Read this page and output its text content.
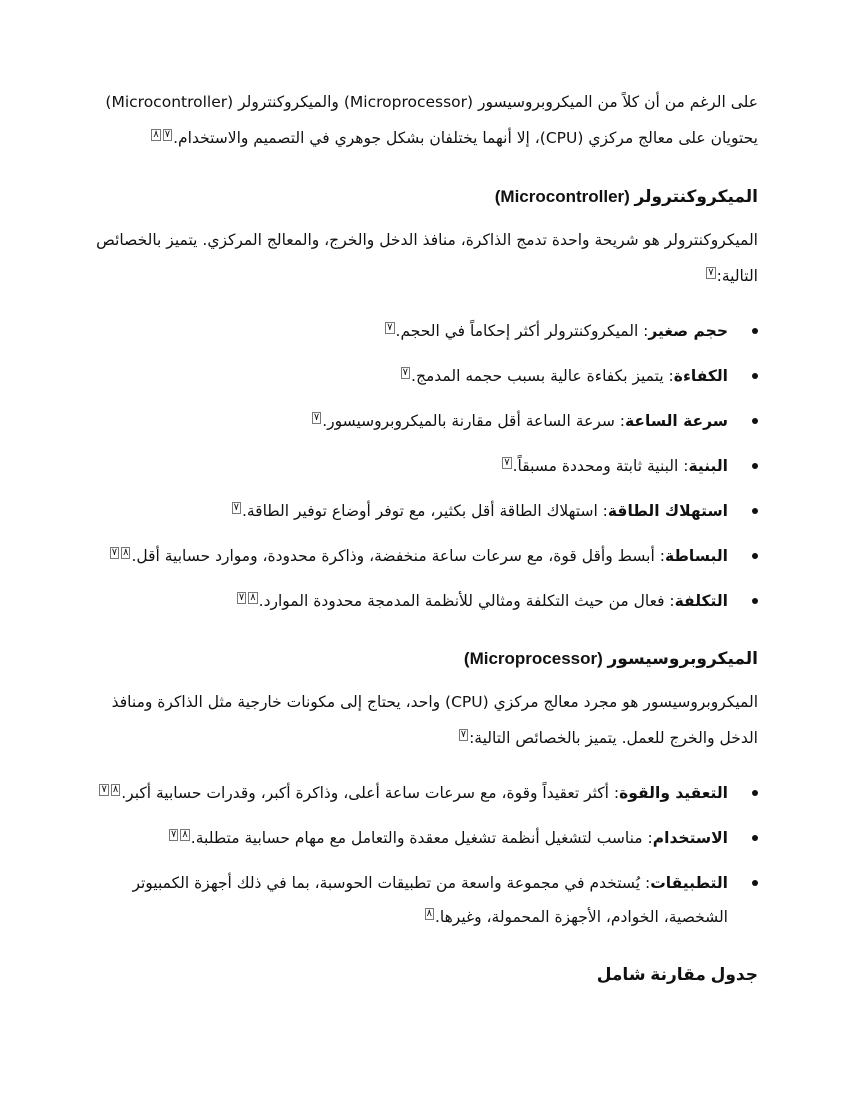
على الرغم من أن كلاً من الميكروبروسيسور (Microprocessor) والميكروكنترولر (Microcontroller) يحتويان على معالج مركزي (CPU)، إلا أنهما يختلفان بشكل جوهري في التصميم والاستخدام.$^{٧٨}$

الميكروكنترولر (Microcontroller)

الميكروكنترولر هو شريحة واحدة تدمج الذاكرة، منافذ الدخل والخرج، والمعالج المركزي. يتميز بالخصائص التالية:$^٧$

حجم صغير: الميكروكنترولر أكثر إحكاماً في الحجم.$^٧$
الكفاءة: يتميز بكفاءة عالية بسبب حجمه المدمج.$^٧$
سرعة الساعة: سرعة الساعة أقل مقارنة بالميكروبروسيسور.$^٧$
البنية: البنية ثابتة ومحددة مسبقاً.$^٧$
استهلاك الطاقة: استهلاك الطاقة أقل بكثير، مع توفر أوضاع توفير الطاقة.$^٧$
البساطة: أبسط وأقل قوة، مع سرعات ساعة منخفضة، وذاكرة محدودة، وموارد حسابية أقل.$^{٨٧}$
التكلفة: فعال من حيث التكلفة ومثالي للأنظمة المدمجة محدودة الموارد.$^{٨٧}$
الميكروبروسيسور (Microprocessor)

الميكروبروسيسور هو مجرد معالج مركزي (CPU) واحد، يحتاج إلى مكونات خارجية مثل الذاكرة ومنافذ الدخل والخرج للعمل. يتميز بالخصائص التالية:$^٧$

التعقيد والقوة: أكثر تعقيداً وقوة، مع سرعات ساعة أعلى، وذاكرة أكبر، وقدرات حسابية أكبر.$^{٨٧}$
الاستخدام: مناسب لتشغيل أنظمة تشغيل معقدة والتعامل مع مهام حسابية متطلبة.$^{٨٧}$
التطبيقات: يُستخدم في مجموعة واسعة من تطبيقات الحوسبة، بما في ذلك أجهزة الكمبيوتر الشخصية، الخوادم، الأجهزة المحمولة، وغيرها.$^٨$
جدول مقارنة شامل
